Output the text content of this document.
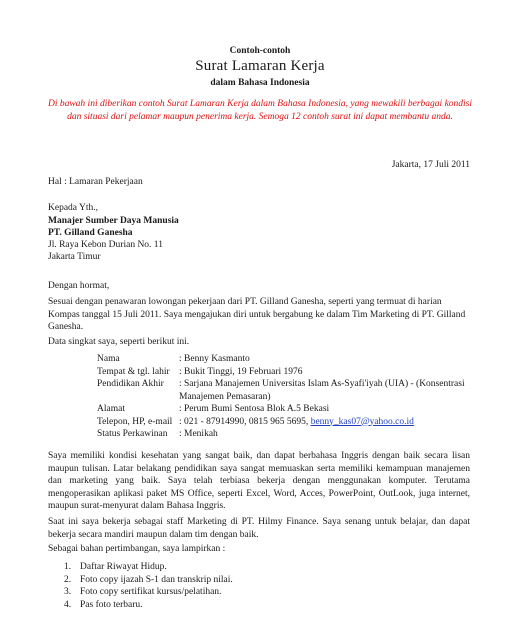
Contoh-contoh
Surat Lamaran Kerja
dalam Bahasa Indonesia
Di bawah ini diberikan contoh Surat Lamaran Kerja dalam Bahasa Indonesia, yang mewakili berbagai kondisi dan situasi dari pelamar maupun penerima kerja. Semoga 12 contoh surat ini dapat membantu anda.
Jakarta, 17 Juli 2011
Hal : Lamaran Pekerjaan
Kepada Yth.,
Manajer Sumber Daya Manusia
PT. Gilland Ganesha
Jl. Raya Kebon Durian No. 11
Jakarta Timur
Dengan hormat,
Sesuai dengan penawaran lowongan pekerjaan dari PT. Gilland Ganesha, seperti yang termuat di harian Kompas tanggal 15 Juli 2011. Saya mengajukan diri untuk bergabung ke dalam Tim Marketing di PT. Gilland Ganesha.
Data singkat saya, seperti berikut ini.
Nama	: Benny Kasmanto
Tempat & tgl. lahir : Bukit Tinggi, 19 Februari 1976
Pendidikan Akhir	: Sarjana Manajemen Universitas Islam As-Syafi'iyah (UIA) - (Konsentrasi Manajemen Pemasaran)
Alamat	: Perum Bumi Sentosa Blok A.5 Bekasi
Telepon, HP, e-mail : 021 - 87914990, 0815 965 5695, benny_kas07@yahoo.co.id
Status Perkawinan	: Menikah
Saya memiliki kondisi kesehatan yang sangat baik, dan dapat berbahasa Inggris dengan baik secara lisan maupun tulisan. Latar belakang pendidikan saya sangat memuaskan serta memiliki kemampuan manajemen dan marketing yang baik. Saya telah terbiasa bekerja dengan menggunakan komputer. Terutama mengoperasikan aplikasi paket MS Office, seperti Excel, Word, Acces, PowerPoint, OutLook, juga internet, maupun surat-menyurat dalam Bahasa Inggris.
Saat ini saya bekerja sebagai staff Marketing di PT. Hilmy Finance. Saya senang untuk belajar, dan dapat bekerja secara mandiri maupun dalam tim dengan baik.
Sebagai bahan pertimbangan, saya lampirkan :
1. Daftar Riwayat Hidup.
2. Foto copy ijazah S-1 dan transkrip nilai.
3. Foto copy sertifikat kursus/pelatihan.
4. Pas foto terbaru.
